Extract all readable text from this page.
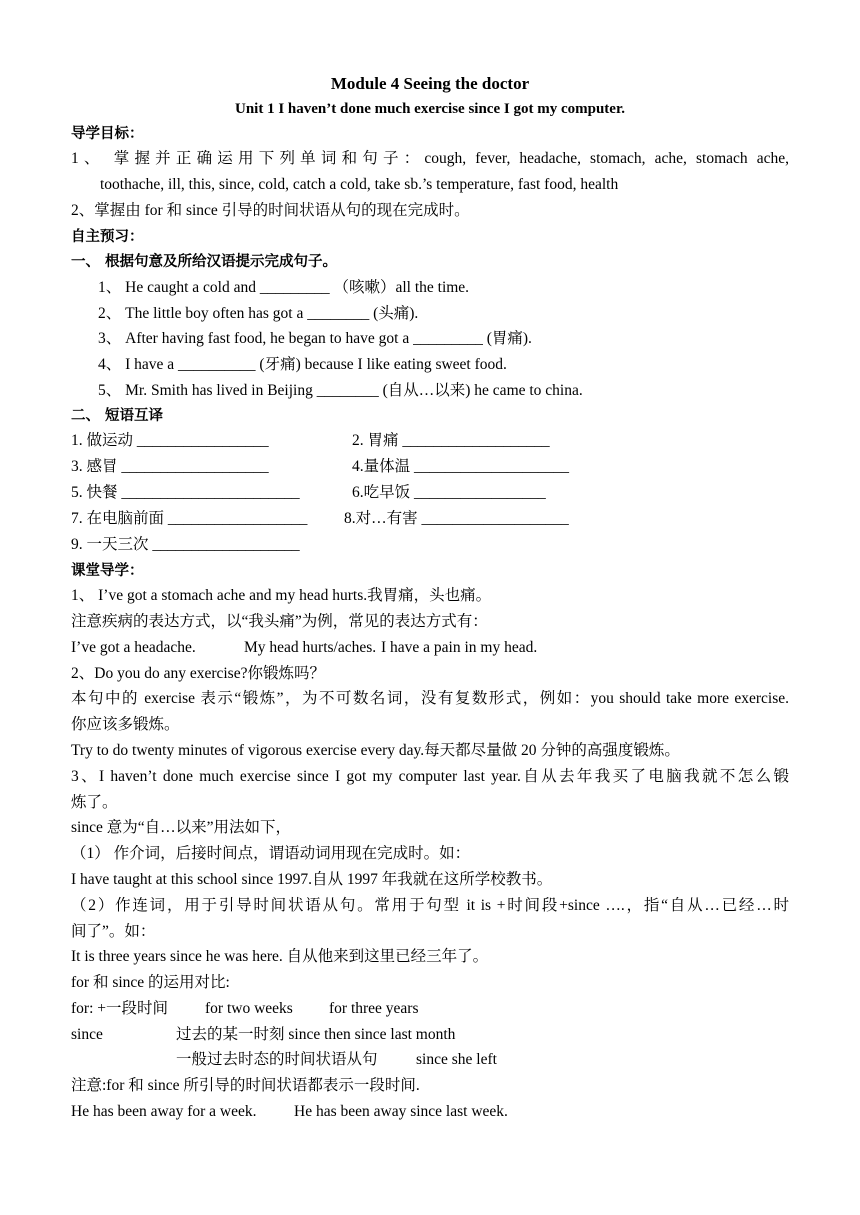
Module 4 Seeing the doctor
Unit 1 I haven’t done much exercise since I got my computer.
导学目标：
1、 掌握并正确运用下列单词和句子：cough, fever, headache, stomach, ache, stomach ache,
toothache, ill, this, since, cold, catch a cold, take sb.’s temperature, fast food, health
2、掌握由 for 和 since 引导的时间状语从句的现在完成时。
自主预习：
一、 根据句意及所给汉语提示完成句子。
1、 He caught a cold and _________ （咳嗽）all the time.
2、 The little boy often has got a ________ (头痛).
3、 After having fast food, he began to have got a _________ (胃痛).
4、 I have a __________ (牙痛) because I like eating sweet food.
5、 Mr. Smith has lived in Beijing ________ (自从…以来) he came to china.
二、 短语互译
1. 做运动 _________________	2. 胃痛 ___________________
3. 感冒 ___________________	4.量体温 ____________________
5. 快餐 _______________________	6.吃早饭 _________________
7. 在电脑前面 __________________ 8.对…有害 ___________________
9. 一天三次 ___________________
课堂导学：
1、 I’ve got a stomach ache and my head hurts.我胃痛，头也痛。
注意疾病的表达方式，以“我头痛”为例，常见的表达方式有：
I’ve got a headache.	My head hurts/aches. I have a pain in my head.
2、Do you do any exercise?你锻炼吗？
本句中的 exercise 表示“锻炼”，为不可数名词，没有复数形式，例如：you should take more exercise.
你应该多锻炼。
Try to do twenty minutes of vigorous exercise every day.每天都尽量做 20 分钟的高强度锻炼。
3、I haven’t done much exercise since I got my computer last year.自从去年我买了电脑我就不怎么锻
炼了。
since 意为“自…以来”用法如下，
（1） 作介词，后接时间点，谓语动词用现在完成时。如：
I have taught at this school since 1997.自从 1997 年我就在这所学校教书。
（2）作连词，用于引导时间状语从句。常用于句型 it is +时间段+since ….，指“自从…已经…时
间了”。如：
It is three years since he was here. 自从他来到这里已经三年了。
for 和 since 的运用对比:
for: +一段时间 for two weeks for three years
since	过去的某一时刻 since then since last month
一般过去时态的时间状语从句 since she left
注意:for 和 since 所引导的时间状语都表示一段时间.
He has been away for a week. He has been away since last week.
